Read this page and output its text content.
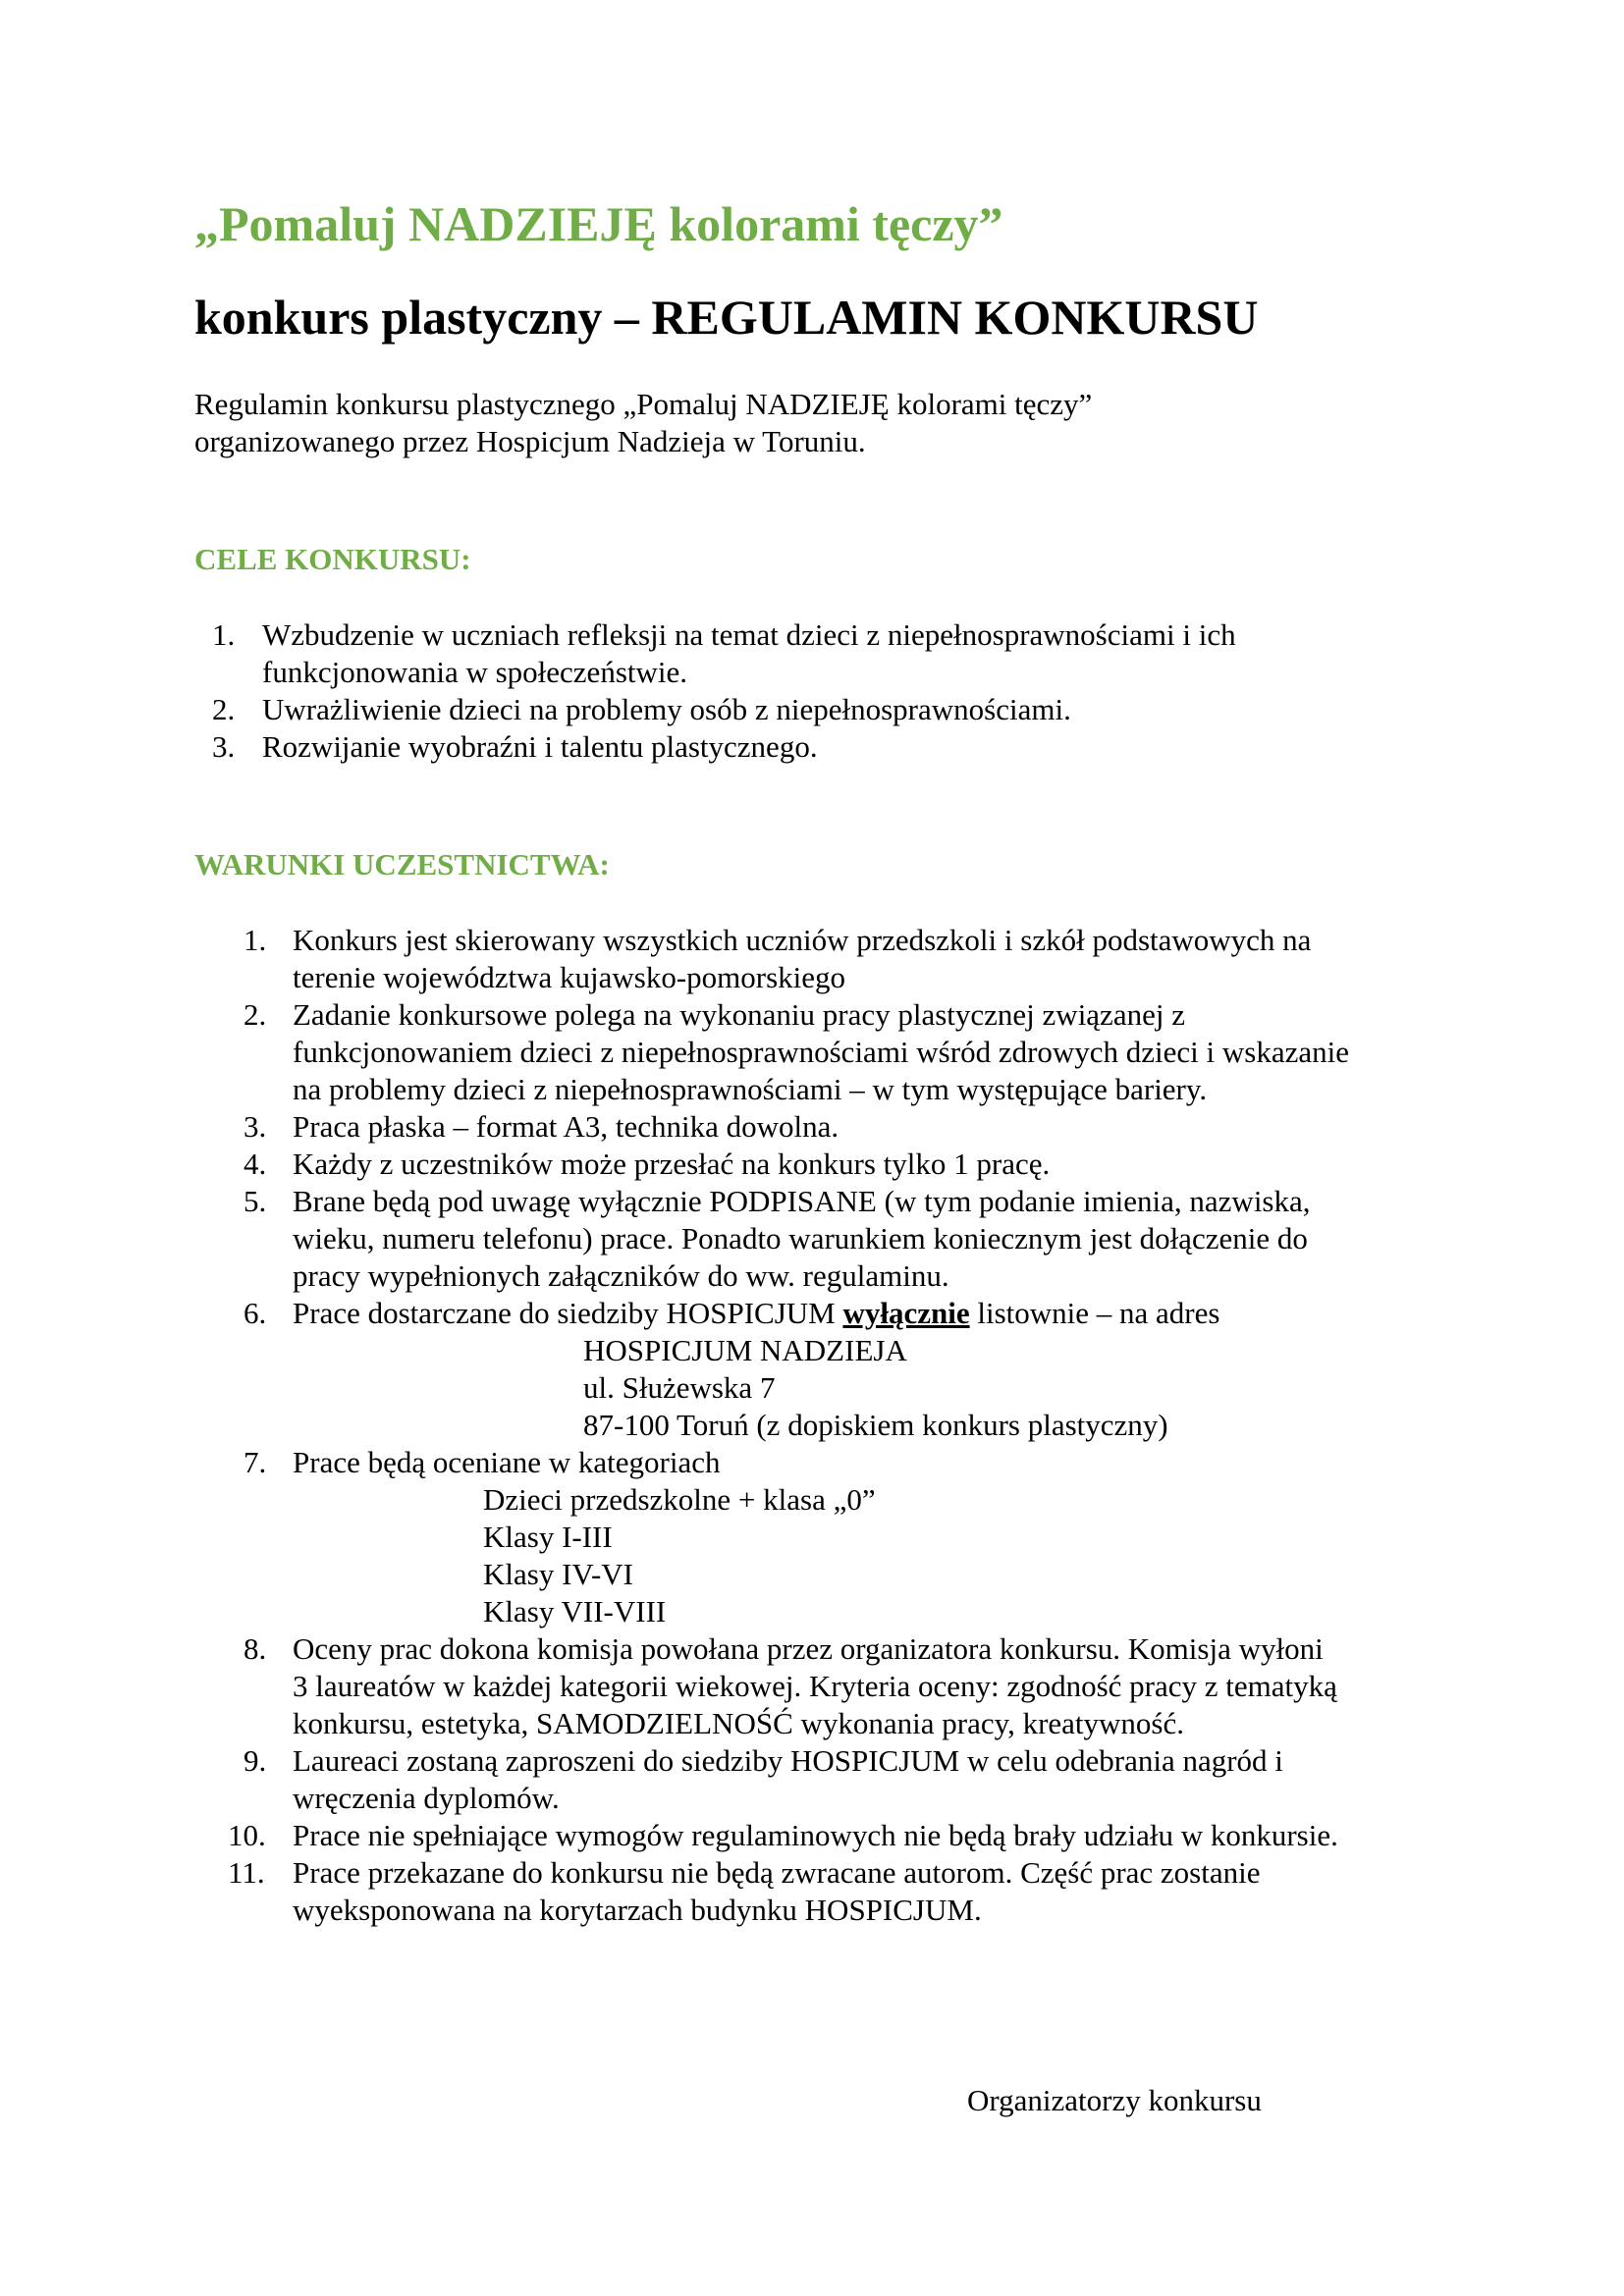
„Pomaluj NADZIEJĘ kolorami tęczy”
konkurs plastyczny – REGULAMIN KONKURSU
Regulamin konkursu plastycznego „Pomaluj NADZIEJĘ kolorami tęczy”
organizowanego przez Hospicjum Nadzieja w Toruniu.
CELE KONKURSU:
1. Wzbudzenie w uczniach refleksji na temat dzieci z niepełnosprawnościami i ich
funkcjonowania w społeczeństwie.
2. Uwrażliwienie dzieci na problemy osób z niepełnosprawnościami.
3. Rozwijanie wyobraźni i talentu plastycznego.
WARUNKI UCZESTNICTWA:
1. Konkurs jest skierowany wszystkich uczniów przedszkoli i szkół podstawowych na
terenie województwa kujawsko-pomorskiego
2. Zadanie konkursowe polega na wykonaniu pracy plastycznej związanej z
funkcjonowaniem dzieci z niepełnosprawnościami wśród zdrowych dzieci i wskazanie
na problemy dzieci z niepełnosprawnościami – w tym występujące bariery.
3. Praca płaska – format A3, technika dowolna.
4. Każdy z uczestników może przesłać na konkurs tylko 1 pracę.
5. Brane będą pod uwagę wyłącznie PODPISANE (w tym podanie imienia, nazwiska,
wieku, numeru telefonu) prace. Ponadto warunkiem koniecznym jest dołączenie do
pracy wypełnionych załączników do ww. regulaminu.
6. Prace dostarczane do siedziby HOSPICJUM wyłącznie listownie – na adres
HOSPICJUM NADZIEJA
ul. Służewska 7
87-100 Toruń (z dopiskiem konkurs plastyczny)
7. Prace będą oceniane w kategoriach
Dzieci przedszkolne + klasa „0”
Klasy I-III
Klasy IV-VI
Klasy VII-VIII
8. Oceny prac dokona komisja powołana przez organizatora konkursu. Komisja wyłoni
3 laureatów w każdej kategorii wiekowej. Kryteria oceny: zgodność pracy z tematyką
konkursu, estetyka, SAMODZIELNOŚĆ wykonania pracy, kreatywność.
9. Laureaci zostaną zaproszeni do siedziby HOSPICJUM w celu odebrania nagród i
wręczenia dyplomów.
10. Prace nie spełniające wymogów regulaminowych nie będą brały udziału w konkursie.
11. Prace przekazane do konkursu nie będą zwracane autorom. Część prac zostanie
wyeksponowana na korytarzach budynku HOSPICJUM.
Organizatorzy konkursu
